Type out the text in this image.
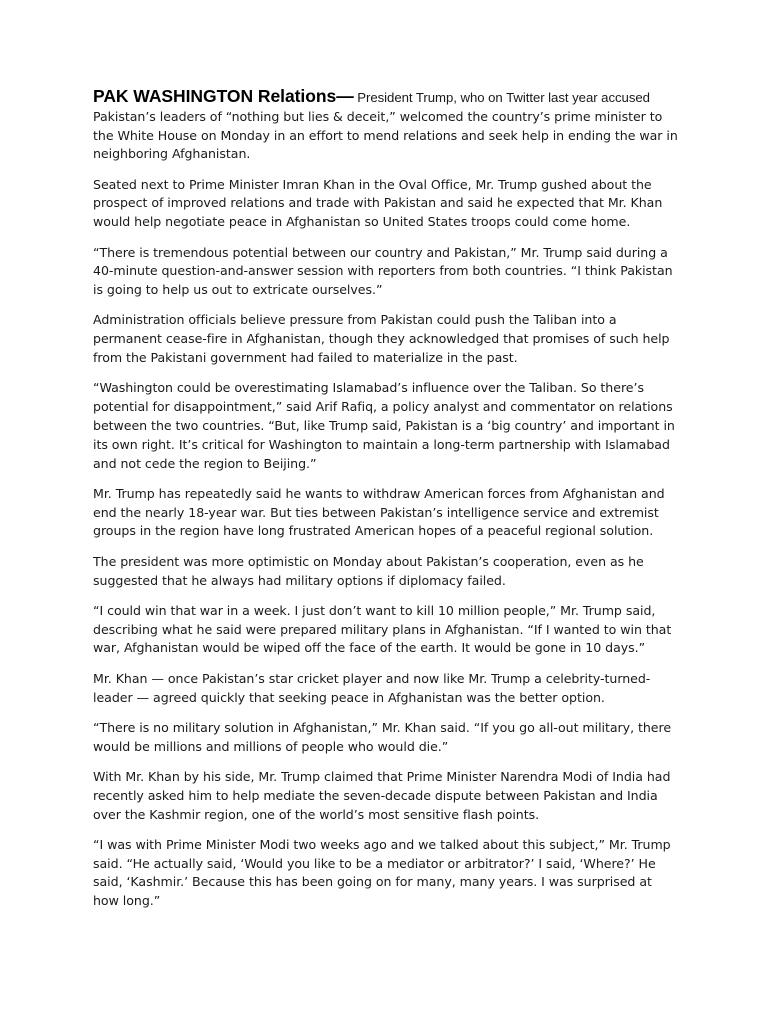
PAK WASHINGTON Relations— President Trump, who on Twitter last year accused Pakistan’s leaders of “nothing but lies & deceit,” welcomed the country’s prime minister to the White House on Monday in an effort to mend relations and seek help in ending the war in neighboring Afghanistan.

Seated next to Prime Minister Imran Khan in the Oval Office, Mr. Trump gushed about the prospect of improved relations and trade with Pakistan and said he expected that Mr. Khan would help negotiate peace in Afghanistan so United States troops could come home.

“There is tremendous potential between our country and Pakistan,” Mr. Trump said during a 40-minute question-and-answer session with reporters from both countries. “I think Pakistan is going to help us out to extricate ourselves.”

Administration officials believe pressure from Pakistan could push the Taliban into a permanent cease-fire in Afghanistan, though they acknowledged that promises of such help from the Pakistani government had failed to materialize in the past.

“Washington could be overestimating Islamabad’s influence over the Taliban. So there’s potential for disappointment,” said Arif Rafiq, a policy analyst and commentator on relations between the two countries. “But, like Trump said, Pakistan is a ‘big country’ and important in its own right. It’s critical for Washington to maintain a long-term partnership with Islamabad and not cede the region to Beijing.”

Mr. Trump has repeatedly said he wants to withdraw American forces from Afghanistan and end the nearly 18-year war. But ties between Pakistan’s intelligence service and extremist groups in the region have long frustrated American hopes of a peaceful regional solution.

The president was more optimistic on Monday about Pakistan’s cooperation, even as he suggested that he always had military options if diplomacy failed.

“I could win that war in a week. I just don’t want to kill 10 million people,” Mr. Trump said, describing what he said were prepared military plans in Afghanistan. “If I wanted to win that war, Afghanistan would be wiped off the face of the earth. It would be gone in 10 days.”

Mr. Khan — once Pakistan’s star cricket player and now like Mr. Trump a celebrity-turned-leader — agreed quickly that seeking peace in Afghanistan was the better option.

“There is no military solution in Afghanistan,” Mr. Khan said. “If you go all-out military, there would be millions and millions of people who would die.”

With Mr. Khan by his side, Mr. Trump claimed that Prime Minister Narendra Modi of India had recently asked him to help mediate the seven-decade dispute between Pakistan and India over the Kashmir region, one of the world’s most sensitive flash points.

“I was with Prime Minister Modi two weeks ago and we talked about this subject,” Mr. Trump said. “He actually said, ‘Would you like to be a mediator or arbitrator?’ I said, ‘Where?’ He said, ‘Kashmir.’ Because this has been going on for many, many years. I was surprised at how long.”
